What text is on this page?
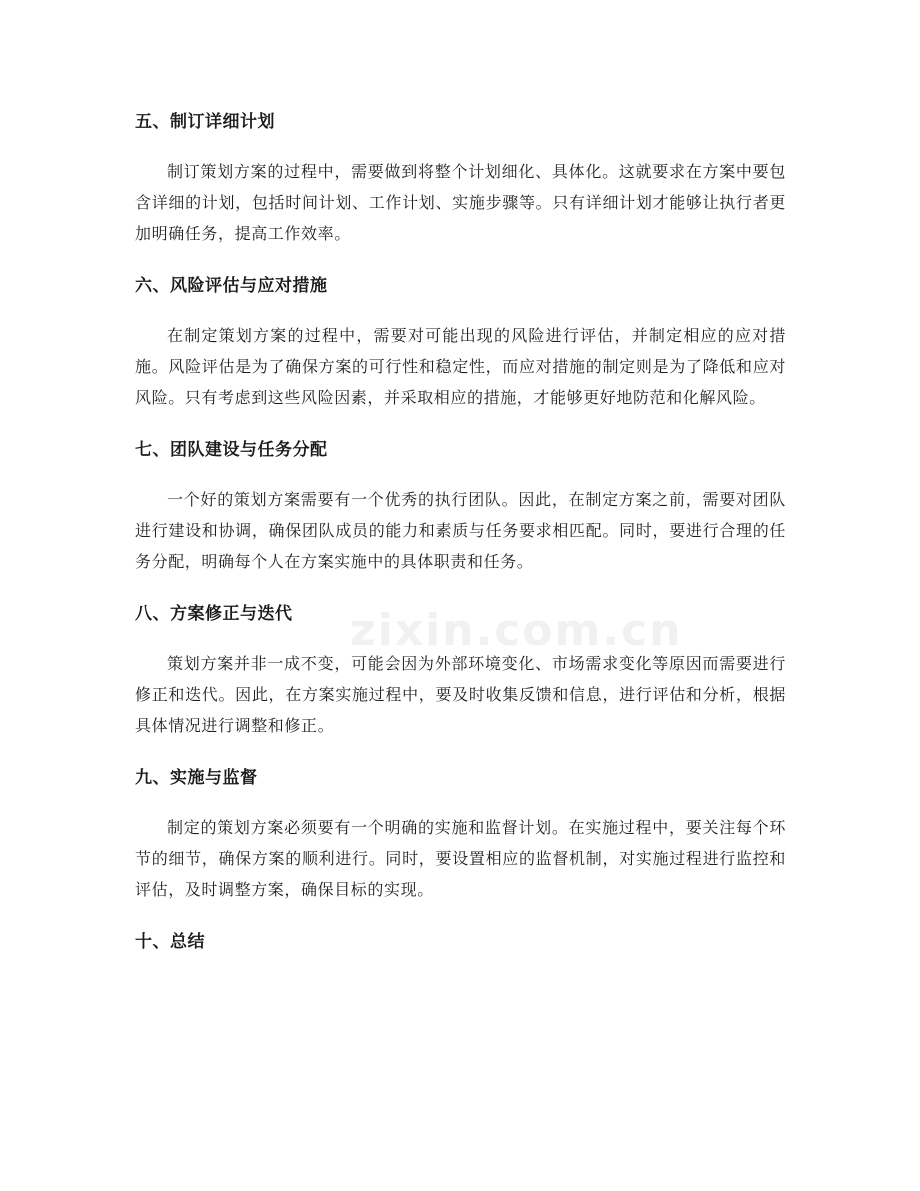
五、制订详细计划

制订策划方案的过程中，需要做到将整个计划细化、具体化。这就要求在方案中要包含详细的计划，包括时间计划、工作计划、实施步骤等。只有详细计划才能够让执行者更加明确任务，提高工作效率。

六、风险评估与应对措施

在制定策划方案的过程中，需要对可能出现的风险进行评估，并制定相应的应对措施。风险评估是为了确保方案的可行性和稳定性，而应对措施的制定则是为了降低和应对风险。只有考虑到这些风险因素，并采取相应的措施，才能够更好地防范和化解风险。

七、团队建设与任务分配

一个好的策划方案需要有一个优秀的执行团队。因此，在制定方案之前，需要对团队进行建设和协调，确保团队成员的能力和素质与任务要求相匹配。同时，要进行合理的任务分配，明确每个人在方案实施中的具体职责和任务。

八、方案修正与迭代

策划方案并非一成不变，可能会因为外部环境变化、市场需求变化等原因而需要进行修正和迭代。因此，在方案实施过程中，要及时收集反馈和信息，进行评估和分析，根据具体情况进行调整和修正。

九、实施与监督

制定的策划方案必须要有一个明确的实施和监督计划。在实施过程中，要关注每个环节的细节，确保方案的顺利进行。同时，要设置相应的监督机制，对实施过程进行监控和评估，及时调整方案，确保目标的实现。

十、总结
zixin.com.cn
